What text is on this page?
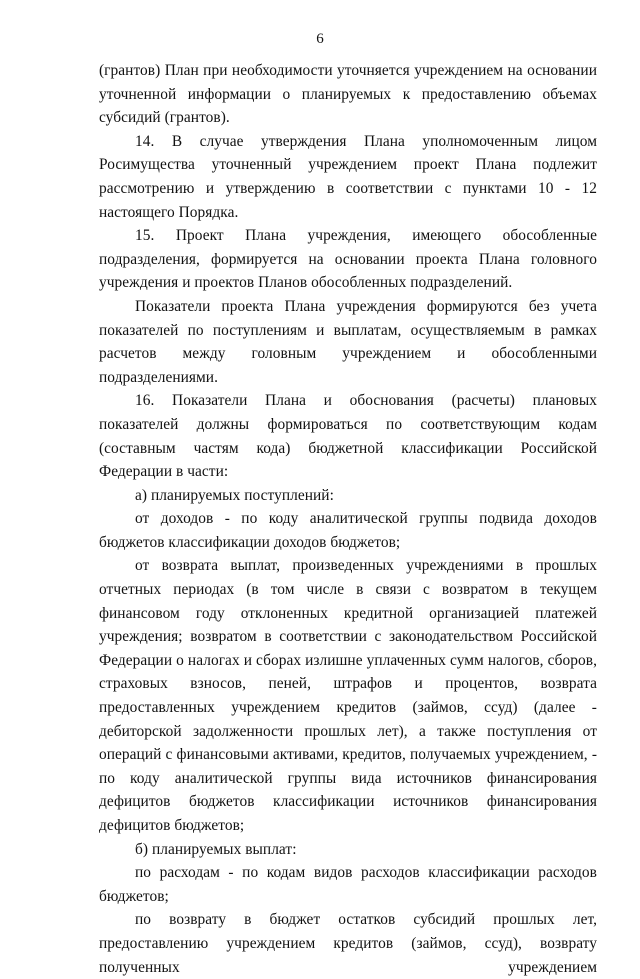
6

(грантов) План при необходимости уточняется учреждением на основании уточненной информации о планируемых к предоставлению объемах субсидий (грантов).

14. В случае утверждения Плана уполномоченным лицом Росимущества уточненный учреждением проект Плана подлежит рассмотрению и утверждению в соответствии с пунктами 10 - 12 настоящего Порядка.

15. Проект Плана учреждения, имеющего обособленные подразделения, формируется на основании проекта Плана головного учреждения и проектов Планов обособленных подразделений.

Показатели проекта Плана учреждения формируются без учета показателей по поступлениям и выплатам, осуществляемым в рамках расчетов между головным учреждением и обособленными подразделениями.

16. Показатели Плана и обоснования (расчеты) плановых показателей должны формироваться по соответствующим кодам (составным частям кода) бюджетной классификации Российской Федерации в части:

а) планируемых поступлений:

от доходов - по коду аналитической группы подвида доходов бюджетов классификации доходов бюджетов;

от возврата выплат, произведенных учреждениями в прошлых отчетных периодах (в том числе в связи с возвратом в текущем финансовом году отклоненных кредитной организацией платежей учреждения; возвратом в соответствии с законодательством Российской Федерации о налогах и сборах излишне уплаченных сумм налогов, сборов, страховых взносов, пеней, штрафов и процентов, возврата предоставленных учреждением кредитов (займов, ссуд) (далее - дебиторской задолженности прошлых лет), а также поступления от операций с финансовыми активами, кредитов, получаемых учреждением, - по коду аналитической группы вида источников финансирования дефицитов бюджетов классификации источников финансирования дефицитов бюджетов;

б) планируемых выплат:

по расходам - по кодам видов расходов классификации расходов бюджетов;

по возврату в бюджет остатков субсидий прошлых лет, предоставлению учреждением кредитов (займов, ссуд), возврату полученных учреждением
